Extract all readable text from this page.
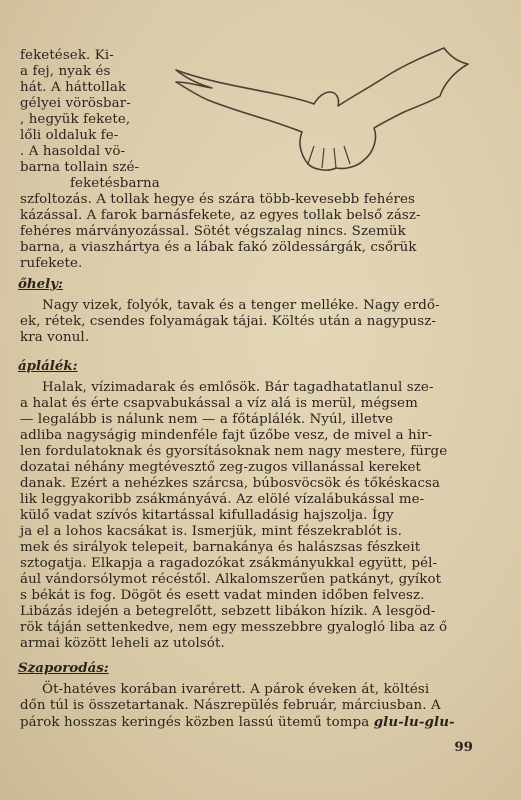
feketések. Ki-
a fej, nyak és
hát. A háttollak
gélyei vörösbar-
, hegyük fekete,
lőli oldaluk fe-
. A hasoldal vö-
barna tollain szé-
feketésbarna
szfoltozás. A tollak hegye és szára több-kevesebb fehéres
kázással. A farok barnásfekete, az egyes tollak belső zász-
fehéres márványozással. Sötét végszalag nincs. Szemük
barna, a viaszhártya és a lábak fakó zöldessárgák, csőrük
rufekete.
őhely:
Nagy vizek, folyók, tavak és a tenger melléke. Nagy erdő-
ek, rétek, csendes folyamágak tájai. Költés után a nagypusz-
kra vonul.
áplálék:
Halak, vízimadarak és emlősök. Bár tagadhatatlanul sze-
a halat és érte csapvabukással a víz alá is merül, mégsem
— legalább is nálunk nem — a főtáplálék. Nyúl, illetve
adliba nagyságig mindenféle fajt űzőbe vesz, de mivel a hir-
len fordulatoknak és gyorsításoknak nem nagy mestere, fürge
dozatai néhány megtévesztő zeg-zugos villanással kereket
danak. Ezért a nehézkes szárcsa, búbosvöcsök és tőkéskacsa
lik leggyakoribb zsákmányává. Az elölé vízalábukással me-
külő vadat szívós kitartással kifulladásig hajszolja. Így
ja el a lohos kacsákat is. Ismerjük, mint fészekrablót is.
mek és sirályok telepeit, barnakánya és halászsas fészkeit
sztogatja. Elkapja a ragadozókat zsákmányukkal együtt, pél-
ául vándorsólymot récéstől. Alkalomszerűen patkányt, gyíkot
s békát is fog. Dögöt és esett vadat minden időben felvesz.
Libázás idején a betegrelőtt, sebzett libákon hízik. A lesgöd-
rök táján settenkedve, nem egy messzebbre gyalogló liba az ő
armai között leheli az utolsót.
Szaporodás:
Öt-hatéves korában ivarérett. A párok éveken át, költési
dőn túl is összetartanak. Nászrepülés február, márciusban. A
párok hosszas keringés közben lassú ütemű tompa glu-lu-glu-
99
